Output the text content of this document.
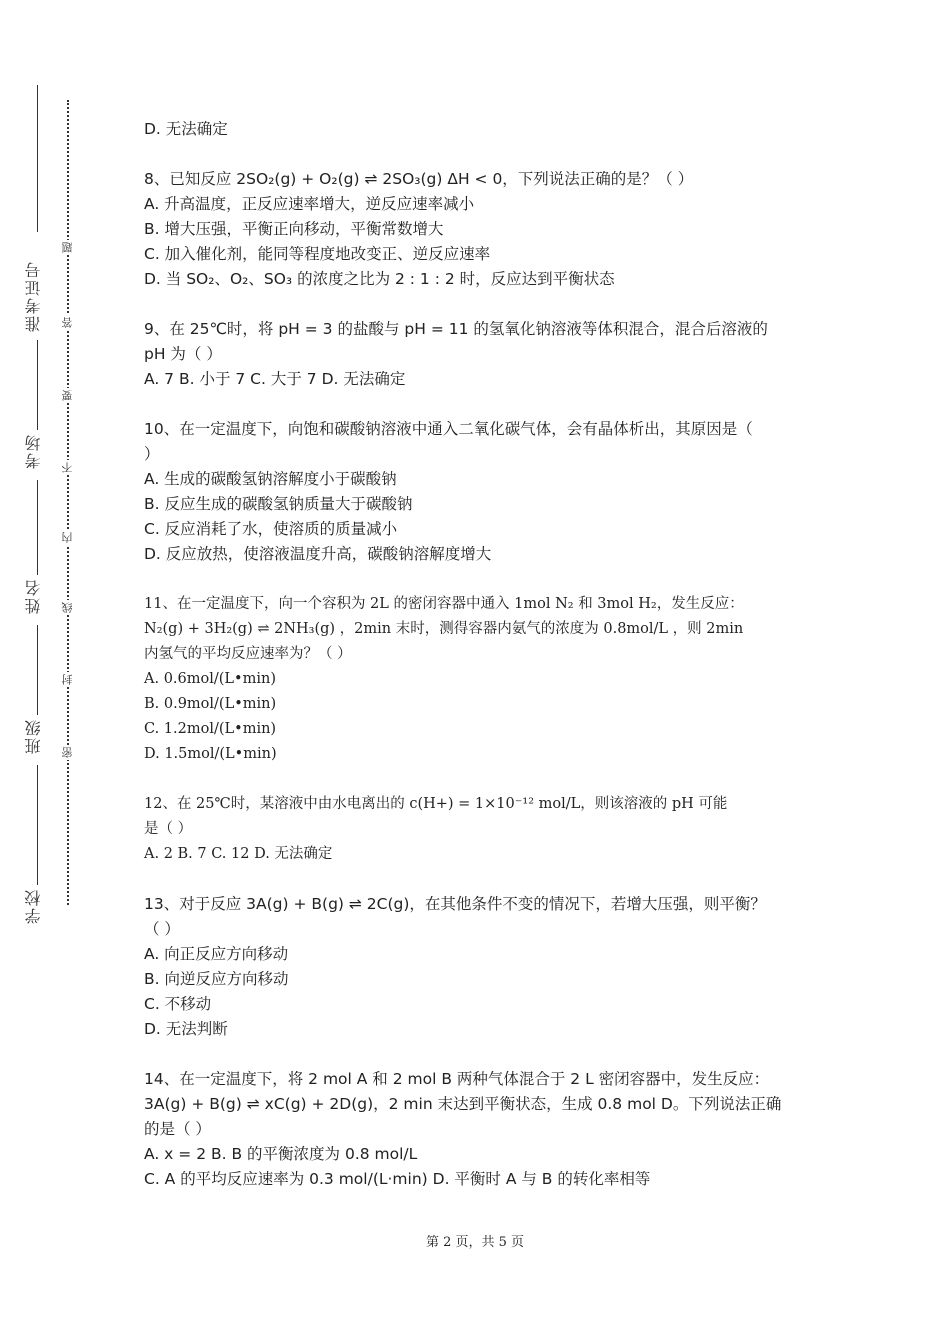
准考证号
考场
姓名
班级
学校
题
答
要
不
内
线
封
密
D. 无法确定
8、已知反应 2SO₂(g) + O₂(g) ⇌ 2SO₃(g) ΔH < 0，下列说法正确的是？（ ）
A. 升高温度，正反应速率增大，逆反应速率减小
B. 增大压强，平衡正向移动，平衡常数增大
C. 加入催化剂，能同等程度地改变正、逆反应速率
D. 当 SO₂、O₂、SO₃ 的浓度之比为 2 : 1 : 2 时，反应达到平衡状态
9、在 25℃时，将 pH = 3 的盐酸与 pH = 11 的氢氧化钠溶液等体积混合，混合后溶液的
pH 为（ ）
A. 7 B. 小于 7 C. 大于 7 D. 无法确定
10、在一定温度下，向饱和碳酸钠溶液中通入二氧化碳气体，会有晶体析出，其原因是（
）
A. 生成的碳酸氢钠溶解度小于碳酸钠
B. 反应生成的碳酸氢钠质量大于碳酸钠
C. 反应消耗了水，使溶质的质量减小
D. 反应放热，使溶液温度升高，碳酸钠溶解度增大
11、在一定温度下，向一个容积为 2L 的密闭容器中通入 1mol N₂ 和 3mol H₂，发生反应：
N₂(g) + 3H₂(g) ⇌ 2NH₃(g) ，2min 末时，测得容器内氨气的浓度为 0.8mol/L ，则 2min
内氢气的平均反应速率为？（ ）
A. 0.6mol/(L•min)
B. 0.9mol/(L•min)
C. 1.2mol/(L•min)
D. 1.5mol/(L•min)
12、在 25℃时，某溶液中由水电离出的 c(H+) = 1×10⁻¹² mol/L，则该溶液的 pH 可能
是（ ）
A. 2 B. 7 C. 12 D. 无法确定
13、对于反应 3A(g) + B(g) ⇌ 2C(g)，在其他条件不变的情况下，若增大压强，则平衡？
（ ）
A. 向正反应方向移动
B. 向逆反应方向移动
C. 不移动
D. 无法判断
14、在一定温度下，将 2 mol A 和 2 mol B 两种气体混合于 2 L 密闭容器中，发生反应：
3A(g) + B(g) ⇌ xC(g) + 2D(g)，2 min 末达到平衡状态，生成 0.8 mol D。下列说法正确
的是（ ）
A. x = 2 B. B 的平衡浓度为 0.8 mol/L
C. A 的平均反应速率为 0.3 mol/(L·min) D. 平衡时 A 与 B 的转化率相等
第 2 页，共 5 页
